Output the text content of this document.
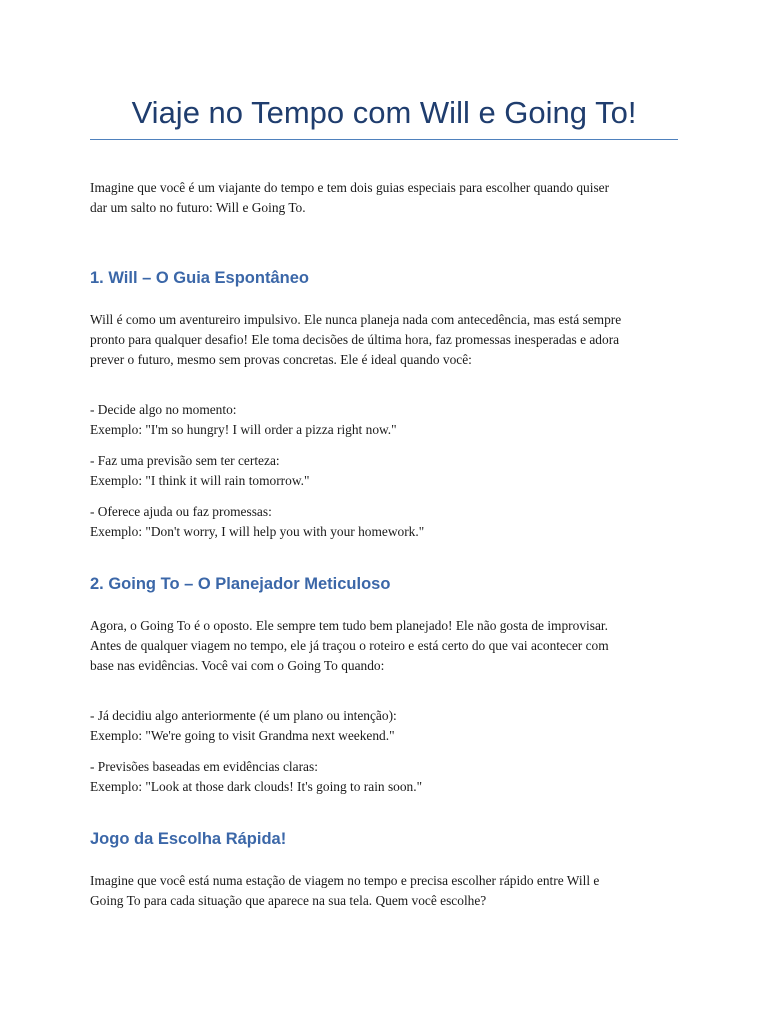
Viaje no Tempo com Will e Going To!

Imagine que você é um viajante do tempo e tem dois guias especiais para escolher quando quiser
dar um salto no futuro: Will e Going To.

1. Will – O Guia Espontâneo

Will é como um aventureiro impulsivo. Ele nunca planeja nada com antecedência, mas está sempre
pronto para qualquer desafio! Ele toma decisões de última hora, faz promessas inesperadas e adora
prever o futuro, mesmo sem provas concretas. Ele é ideal quando você:

- Decide algo no momento:
Exemplo: "I'm so hungry! I will order a pizza right now."

- Faz uma previsão sem ter certeza:
Exemplo: "I think it will rain tomorrow."

- Oferece ajuda ou faz promessas:
Exemplo: "Don't worry, I will help you with your homework."

2. Going To – O Planejador Meticuloso

Agora, o Going To é o oposto. Ele sempre tem tudo bem planejado! Ele não gosta de improvisar.
Antes de qualquer viagem no tempo, ele já traçou o roteiro e está certo do que vai acontecer com
base nas evidências. Você vai com o Going To quando:

- Já decidiu algo anteriormente (é um plano ou intenção):
Exemplo: "We're going to visit Grandma next weekend."

- Previsões baseadas em evidências claras:
Exemplo: "Look at those dark clouds! It's going to rain soon."

Jogo da Escolha Rápida!

Imagine que você está numa estação de viagem no tempo e precisa escolher rápido entre Will e
Going To para cada situação que aparece na sua tela. Quem você escolhe?
